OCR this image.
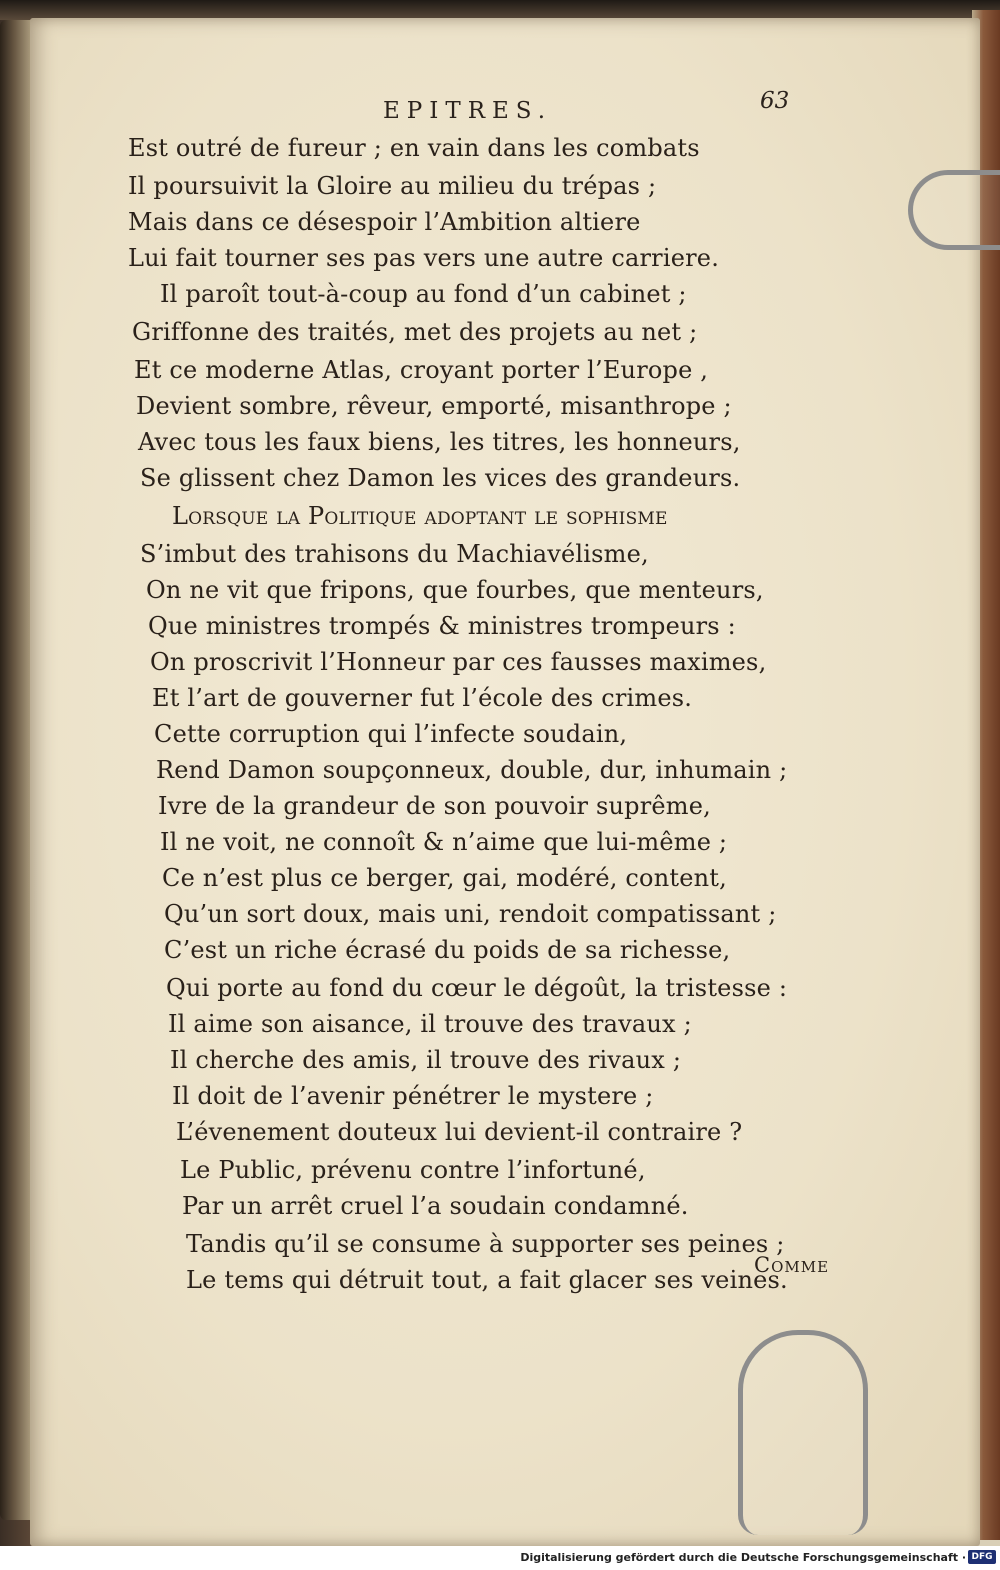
EPITRES.	63
Est outré de fureur ; en vain dans les combats
Il poursuivit la Gloire au milieu du trépas ;
Mais dans ce désespoir l’Ambition altiere
Lui fait tourner ses pas vers une autre carriere.
Il paroît tout-à-coup au fond d’un cabinet ;
Griffonne des traités, met des projets au net ;
Et ce moderne Atlas, croyant porter l’Europe ,
Devient sombre, rêveur, emporté, misanthrope ;
Avec tous les faux biens, les titres, les honneurs,
Se glissent chez Damon les vices des grandeurs.
Lorsque la Politique adoptant le sophisme
S’imbut des trahisons du Machiavélisme,
On ne vit que fripons, que fourbes, que menteurs,
Que ministres trompés & ministres trompeurs :
On proscrivit l’Honneur par ces fausses maximes,
Et l’art de gouverner fut l’école des crimes.
Cette corruption qui l’infecte soudain,
Rend Damon soupçonneux, double, dur, inhumain ;
Ivre de la grandeur de son pouvoir suprême,
Il ne voit, ne connoît & n’aime que lui-même ;
Ce n’est plus ce berger, gai, modéré, content,
Qu’un sort doux, mais uni, rendoit compatissant ;
C’est un riche écrasé du poids de sa richesse,
Qui porte au fond du cœur le dégoût, la tristesse :
Il aime son aisance, il trouve des travaux ;
Il cherche des amis, il trouve des rivaux ;
Il doit de l’avenir pénétrer le mystere ;
L’évenement douteux lui devient-il contraire ?
Le Public, prévenu contre l’infortuné,
Par un arrêt cruel l’a soudain condamné.
Tandis qu’il se consume à supporter ses peines ;
Le tems qui détruit tout, a fait glacer ses veines.
Comme
Digitalisierung gefördert durch die Deutsche Forschungsgemeinschaft · DFG
